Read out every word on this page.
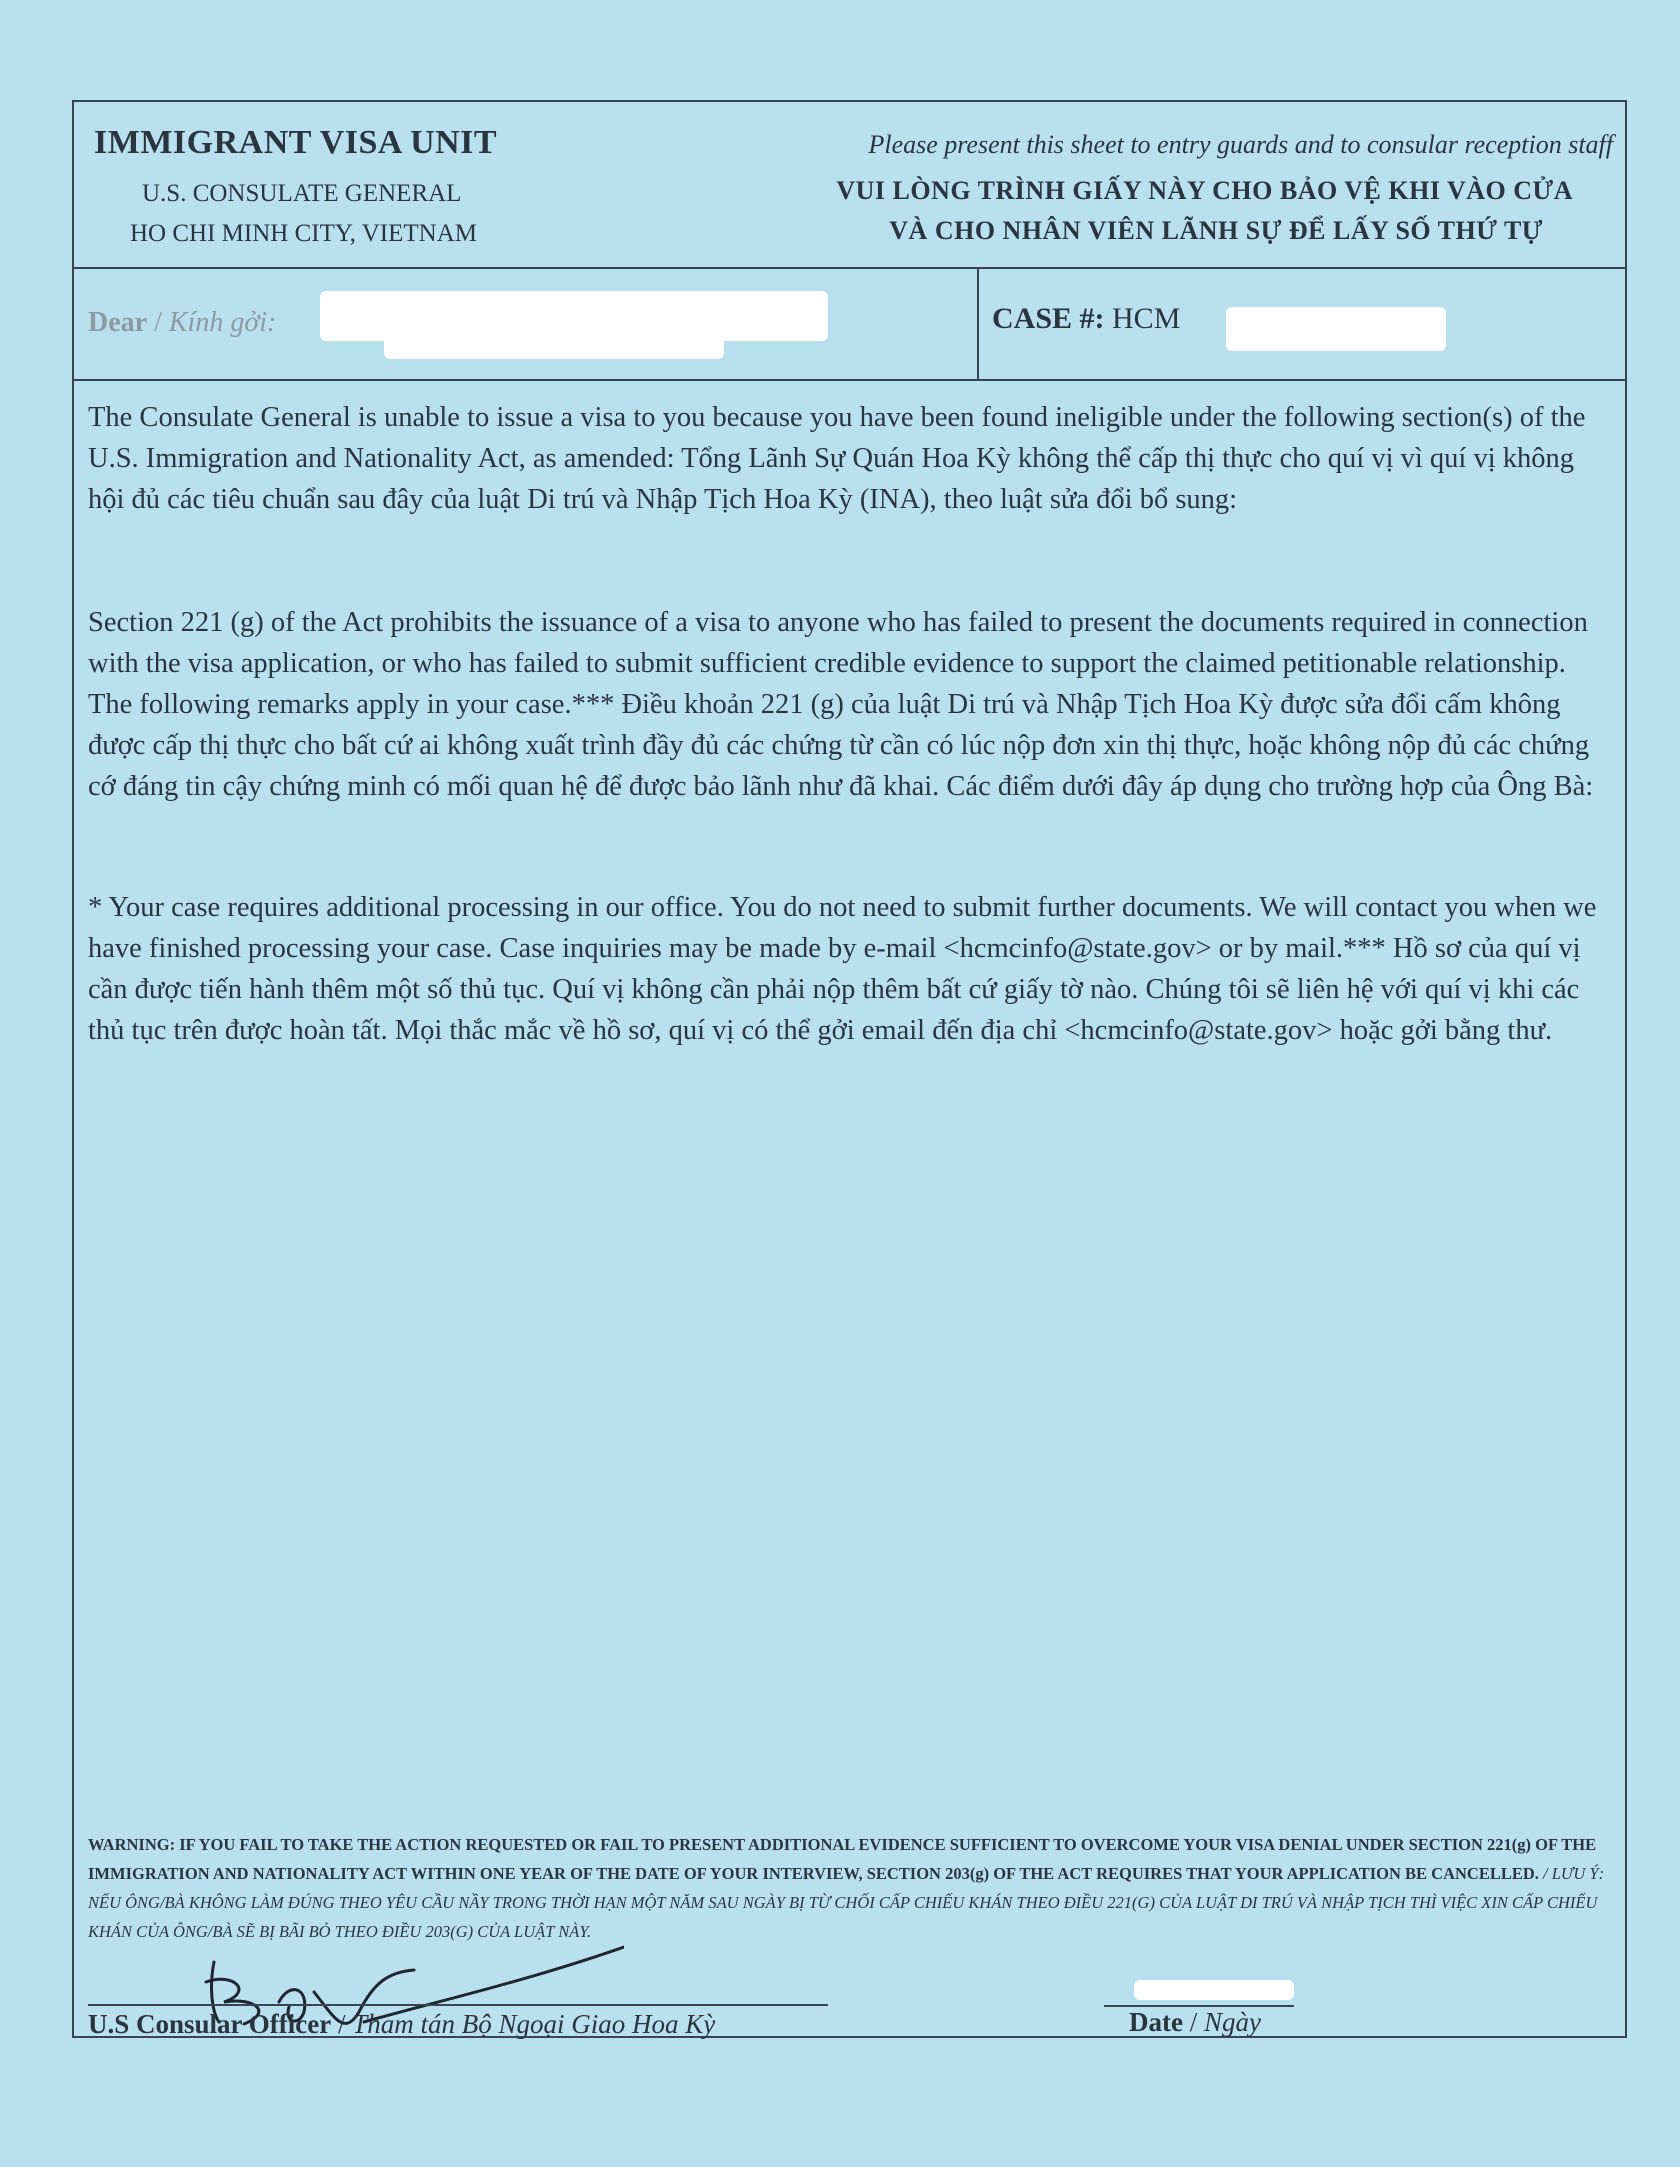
IMMIGRANT VISA UNIT
U.S. CONSULATE GENERAL
HO CHI MINH CITY, VIETNAM
Please present this sheet to entry guards and to consular reception staff
VUI LÒNG TRÌNH GIẤY NÀY CHO BẢO VỆ KHI VÀO CỬA
VÀ CHO NHÂN VIÊN LÃNH SỰ ĐỂ LẤY SỐ THỨ TỰ
Dear / Kính gởi:	CASE #: HCM

The Consulate General is unable to issue a visa to you because you have been found ineligible under the following section(s) of the U.S. Immigration and Nationality Act, as amended: Tổng Lãnh Sự Quán Hoa Kỳ không thể cấp thị thực cho quí vị vì quí vị không hội đủ các tiêu chuẩn sau đây của luật Di trú và Nhập Tịch Hoa Kỳ (INA), theo luật sửa đổi bổ sung:

Section 221 (g) of the Act prohibits the issuance of a visa to anyone who has failed to present the documents required in connection with the visa application, or who has failed to submit sufficient credible evidence to support the claimed petitionable relationship. The following remarks apply in your case.*** Điều khoản 221 (g) của luật Di trú và Nhập Tịch Hoa Kỳ được sửa đổi cấm không được cấp thị thực cho bất cứ ai không xuất trình đầy đủ các chứng từ cần có lúc nộp đơn xin thị thực, hoặc không nộp đủ các chứng cớ đáng tin cậy chứng minh có mối quan hệ để được bảo lãnh như đã khai. Các điểm dưới đây áp dụng cho trường hợp của Ông Bà:

* Your case requires additional processing in our office. You do not need to submit further documents. We will contact you when we have finished processing your case. Case inquiries may be made by e-mail <hcmcinfo@state.gov> or by mail.*** Hồ sơ của quí vị cần được tiến hành thêm một số thủ tục. Quí vị không cần phải nộp thêm bất cứ giấy tờ nào. Chúng tôi sẽ liên hệ với quí vị khi các thủ tục trên được hoàn tất. Mọi thắc mắc về hồ sơ, quí vị có thể gởi email đến địa chỉ <hcmcinfo@state.gov> hoặc gởi bằng thư.

WARNING: IF YOU FAIL TO TAKE THE ACTION REQUESTED OR FAIL TO PRESENT ADDITIONAL EVIDENCE SUFFICIENT TO OVERCOME YOUR VISA DENIAL UNDER SECTION 221(g) OF THE IMMIGRATION AND NATIONALITY ACT WITHIN ONE YEAR OF THE DATE OF YOUR INTERVIEW, SECTION 203(g) OF THE ACT REQUIRES THAT YOUR APPLICATION BE CANCELLED. / LƯU Ý: NẾU ÔNG/BÀ KHÔNG LÀM ĐÚNG THEO YÊU CẦU NẦY TRONG THỜI HẠN MỘT NĂM SAU NGÀY BỊ TỪ CHỐI CẤP CHIẾU KHÁN THEO ĐIỀU 221(G) CỦA LUẬT DI TRÚ VÀ NHẬP TỊCH THÌ VIỆC XIN CẤP CHIẾU KHÁN CỦA ÔNG/BÀ SẼ BỊ BÃI BỎ THEO ĐIỀU 203(G) CỦA LUẬT NÀY.
U.S Consular Officer / Tham tán Bộ Ngoại Giao Hoa Kỳ	Date / Ngày
